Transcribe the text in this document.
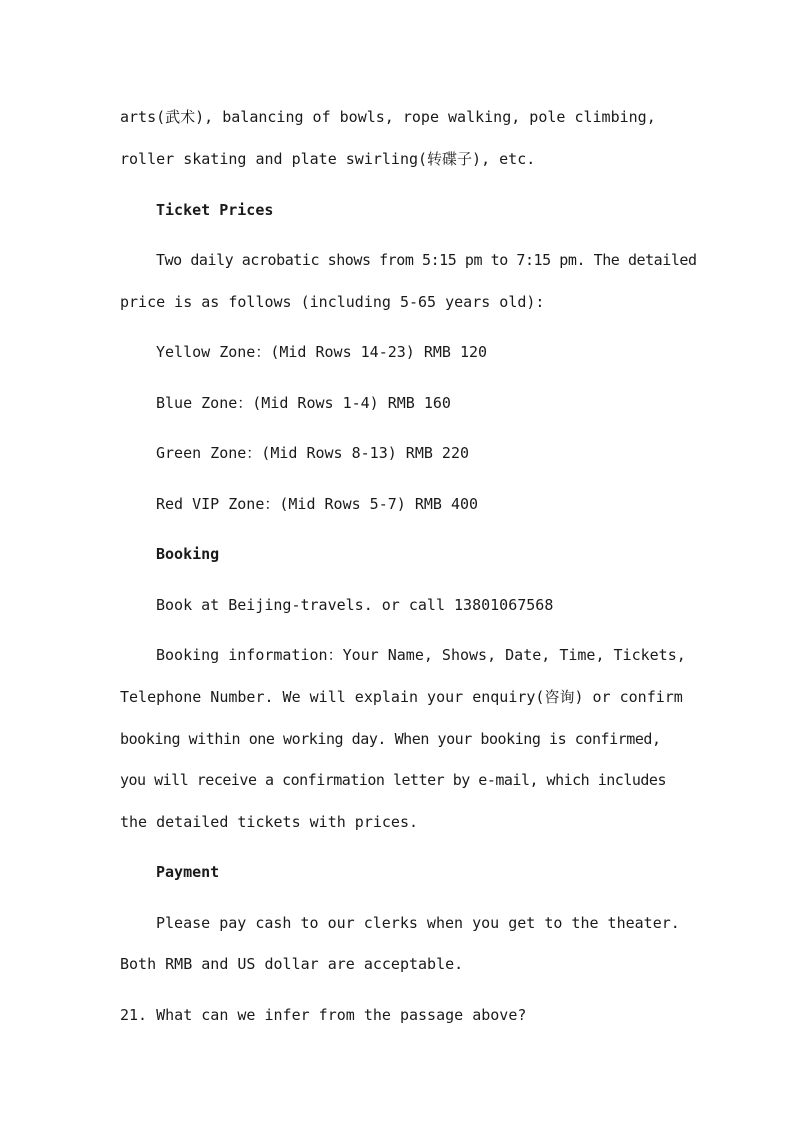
arts(武术), balancing of bowls, rope walking, pole climbing,
roller skating and plate swirling(转碟子), etc.
Ticket Prices
Two daily acrobatic shows from 5:15 pm to 7:15 pm. The detailed
price is as follows (including 5-65 years old):
Yellow Zone：(Mid Rows 14-23) RMB 120
Blue Zone：(Mid Rows 1-4) RMB 160
Green Zone：(Mid Rows 8-13) RMB 220
Red VIP Zone：(Mid Rows 5-7) RMB 400
Booking
Book at Beijing-travels. or call 13801067568
Booking information：Your Name, Shows, Date, Time, Tickets,
Telephone Number. We will explain your enquiry(咨询) or confirm
booking within one working day. When your booking is confirmed,
you will receive a confirmation letter by e-mail, which includes
the detailed tickets with prices.
Payment
Please pay cash to our clerks when you get to the theater.
Both RMB and US dollar are acceptable.
21. What can we infer from the passage above?
